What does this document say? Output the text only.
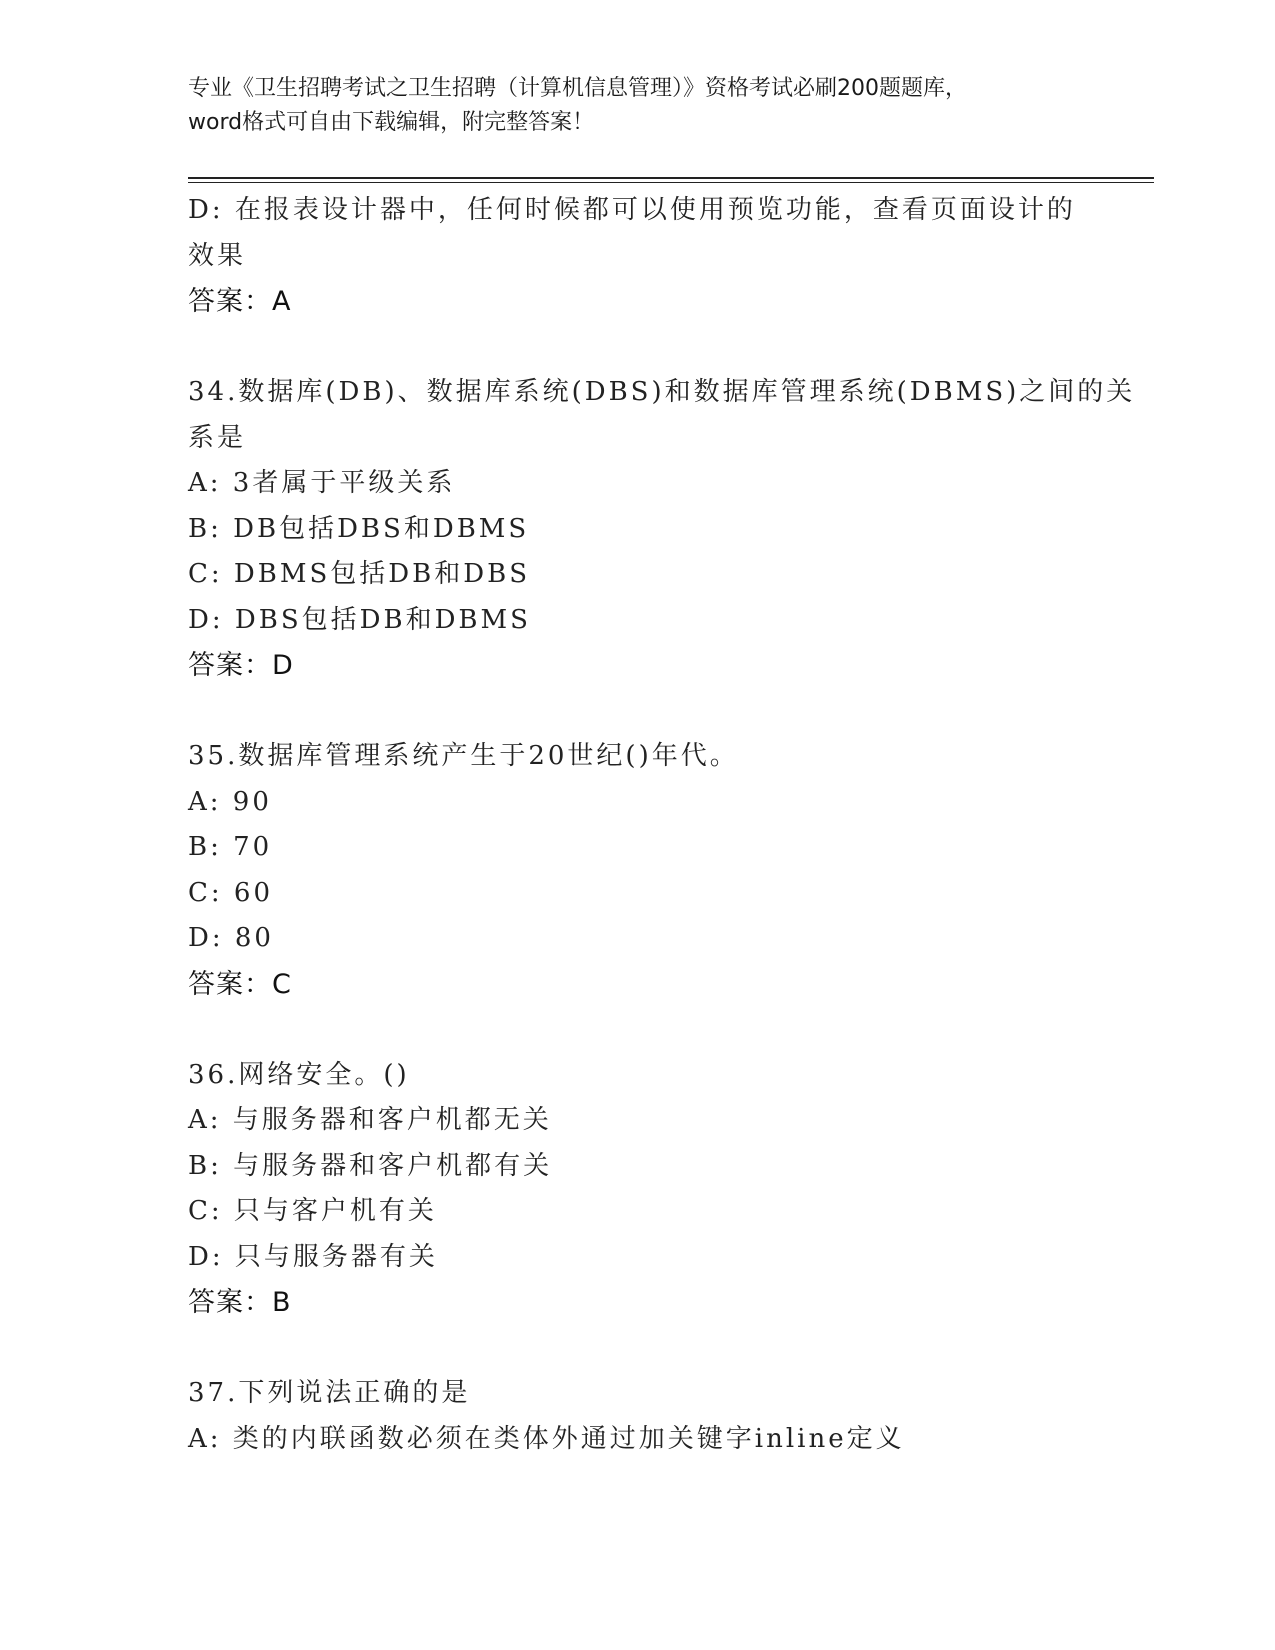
专业《卫生招聘考试之卫生招聘（计算机信息管理）》资格考试必刷200题题库，
word格式可自由下载编辑，附完整答案！
D: 在报表设计器中，任何时候都可以使用预览功能，查看页面设计的
效果
答案：A
34.数据库(DB)、数据库系统(DBS)和数据库管理系统(DBMS)之间的关
系是
A: 3者属于平级关系
B: DB包括DBS和DBMS
C: DBMS包括DB和DBS
D: DBS包括DB和DBMS
答案：D
35.数据库管理系统产生于20世纪()年代。
A: 90
B: 70
C: 60
D: 80
答案：C
36.网络安全。()
A: 与服务器和客户机都无关
B: 与服务器和客户机都有关
C: 只与客户机有关
D: 只与服务器有关
答案：B
37.下列说法正确的是
A: 类的内联函数必须在类体外通过加关键字inline定义
